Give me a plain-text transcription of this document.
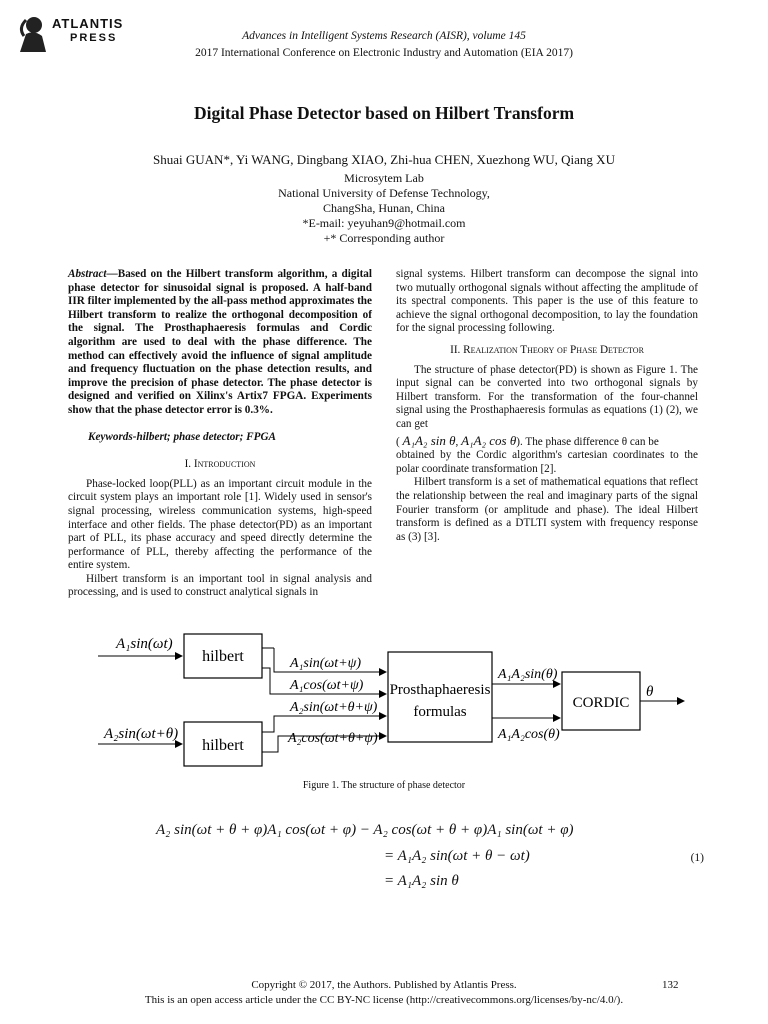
ATLANTIS
PRESS	Advances in Intelligent Systems Research (AISR), volume 145
2017 International Conference on Electronic Industry and Automation (EIA 2017)
Digital Phase Detector based on Hilbert Transform
Shuai GUAN*, Yi WANG, Dingbang XIAO, Zhi-hua CHEN, Xuezhong WU, Qiang XU
Microsytem Lab
National University of Defense Technology,
ChangSha, Hunan, China
*E-mail: yeyuhan9@hotmail.com
+* Corresponding author

Abstract—Based on the Hilbert transform algorithm, a digital phase detector for sinusoidal signal is proposed. A half-band IIR filter implemented by the all-pass method approximates the Hilbert transform to realize the orthogonal decomposition of the signal. The Prosthaphaeresis formulas and Cordic algorithm are used to deal with the phase difference. The method can effectively avoid the influence of signal amplitude and frequency fluctuation on the phase detection results, and improve the precision of phase detector. The phase detector is designed and verified on Xilinx's Artix7 FPGA. Experiments show that the phase detector error is 0.3%.

Keywords-hilbert; phase detector; FPGA

I. Introduction

Phase-locked loop(PLL) as an important circuit module in the circuit system plays an important role [1]. Widely used in sensor's signal processing, wireless communication systems, high-speed interface and other fields. The phase detector(PD) as an important part of PLL, its phase accuracy and speed directly determine the performance of PLL, thereby affecting the performance of the entire system.

Hilbert transform is an important tool in signal analysis and processing, and is used to construct analytical signals in

signal systems. Hilbert transform can decompose the signal into two mutually orthogonal signals without affecting the amplitude of its spectral components. This paper is the use of this feature to achieve the signal orthogonal decomposition, to lay the foundation for the signal processing following.

II. Realization Theory of Phase Detector

The structure of phase detector(PD) is shown as Figure 1. The input signal can be converted into two orthogonal signals by Hilbert transform. For the transformation of the four-channel signal using the Prosthaphaeresis formulas as equations (1) (2), we can get

( A₁A₂ sin θ, A₁A₂ cos θ). The phase difference θ can be

obtained by the Cordic algorithm's cartesian coordinates to the polar coordinate transformation [2].

Hilbert transform is a set of mathematical equations that reflect the relationship between the real and imaginary parts of the signal Fourier transform (or amplitude and phase). The ideal Hilbert transform is defined as a DTLTI system with frequency response as (3) [3].

hilbert
hilbert
A₁sin(ωt)
A₂sin(ωt+θ)
Prosthaphaeresis
formulas
A₁sin(ωt+ψ)
A₁cos(ωt+ψ)
A₂sin(ωt+θ+ψ)
A₂cos(ωt+θ+ψ)
A₁A₂sin(θ)
A₁A₂cos(θ)
CORDIC
θ
Figure 1. The structure of phase detector
A₂ sin(ωt + θ + φ)A₁ cos(ωt + φ) − A₂ cos(ωt + θ + φ)A₁ sin(ωt + φ)
= A₁A₂ sin(ωt + θ − ωt)
= A₁A₂ sin θ
(1)
Copyright © 2017, the Authors. Published by Atlantis Press.	132
This is an open access article under the CC BY-NC license (http://creativecommons.org/licenses/by-nc/4.0/).
